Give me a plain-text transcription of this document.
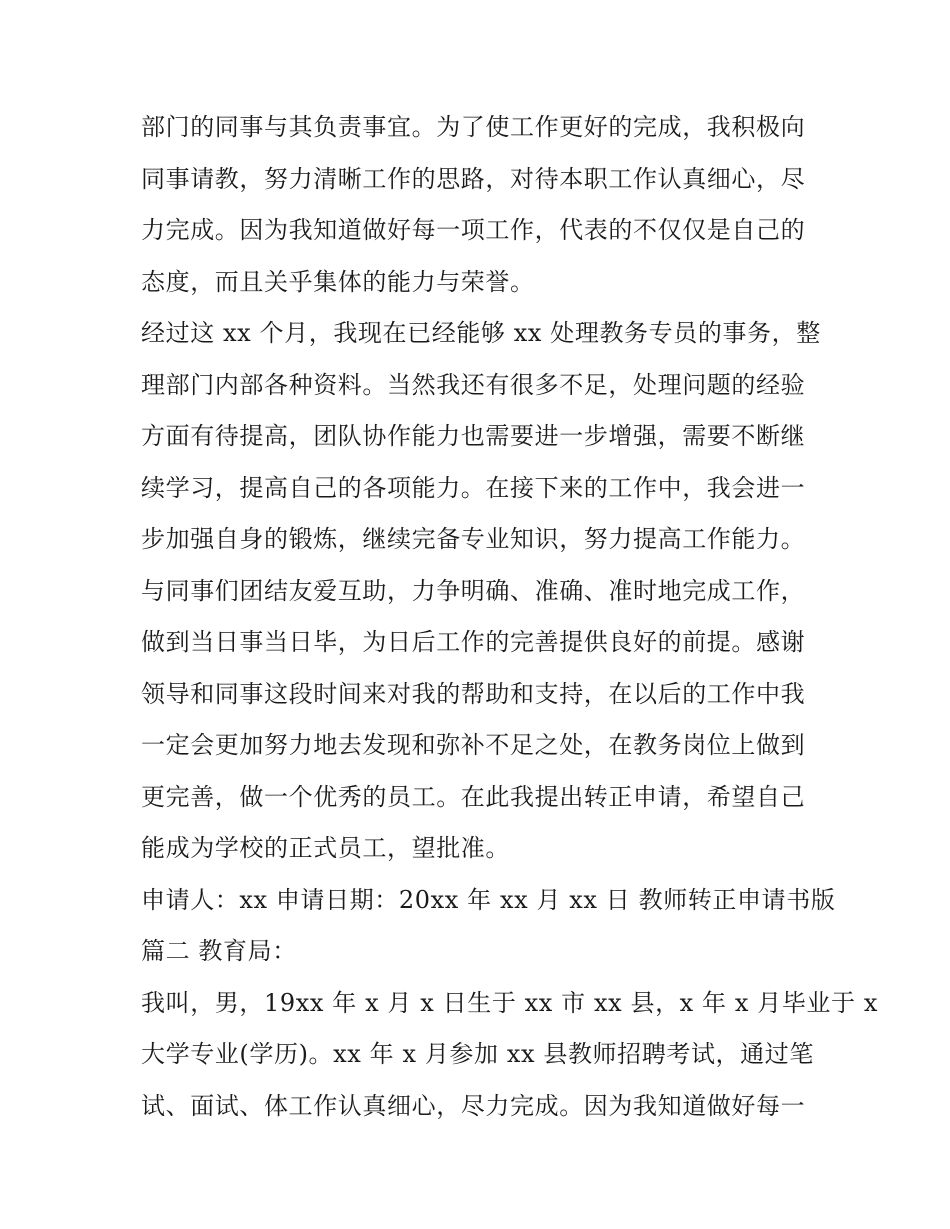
部门的同事与其负责事宜。为了使工作更好的完成，我积极向
同事请教，努力清晰工作的思路，对待本职工作认真细心，尽
力完成。因为我知道做好每一项工作，代表的不仅仅是自己的
态度，而且关乎集体的能力与荣誉。
经过这 xx 个月，我现在已经能够 xx 处理教务专员的事务，整
理部门内部各种资料。当然我还有很多不足，处理问题的经验
方面有待提高，团队协作能力也需要进一步增强，需要不断继
续学习，提高自己的各项能力。在接下来的工作中，我会进一
步加强自身的锻炼，继续完备专业知识，努力提高工作能力。
与同事们团结友爱互助，力争明确、准确、准时地完成工作，
做到当日事当日毕，为日后工作的完善提供良好的前提。感谢
领导和同事这段时间来对我的帮助和支持，在以后的工作中我
一定会更加努力地去发现和弥补不足之处，在教务岗位上做到
更完善，做一个优秀的员工。在此我提出转正申请，希望自己
能成为学校的正式员工，望批准。
申请人：xx 申请日期：20xx 年 xx 月 xx 日 教师转正申请书版
篇二 教育局：
我叫，男，19xx 年 x 月 x 日生于 xx 市 xx 县，x 年 x 月毕业于 x
大学专业(学历)。xx 年 x 月参加 xx 县教师招聘考试，通过笔
试、面试、体工作认真细心，尽力完成。因为我知道做好每一
